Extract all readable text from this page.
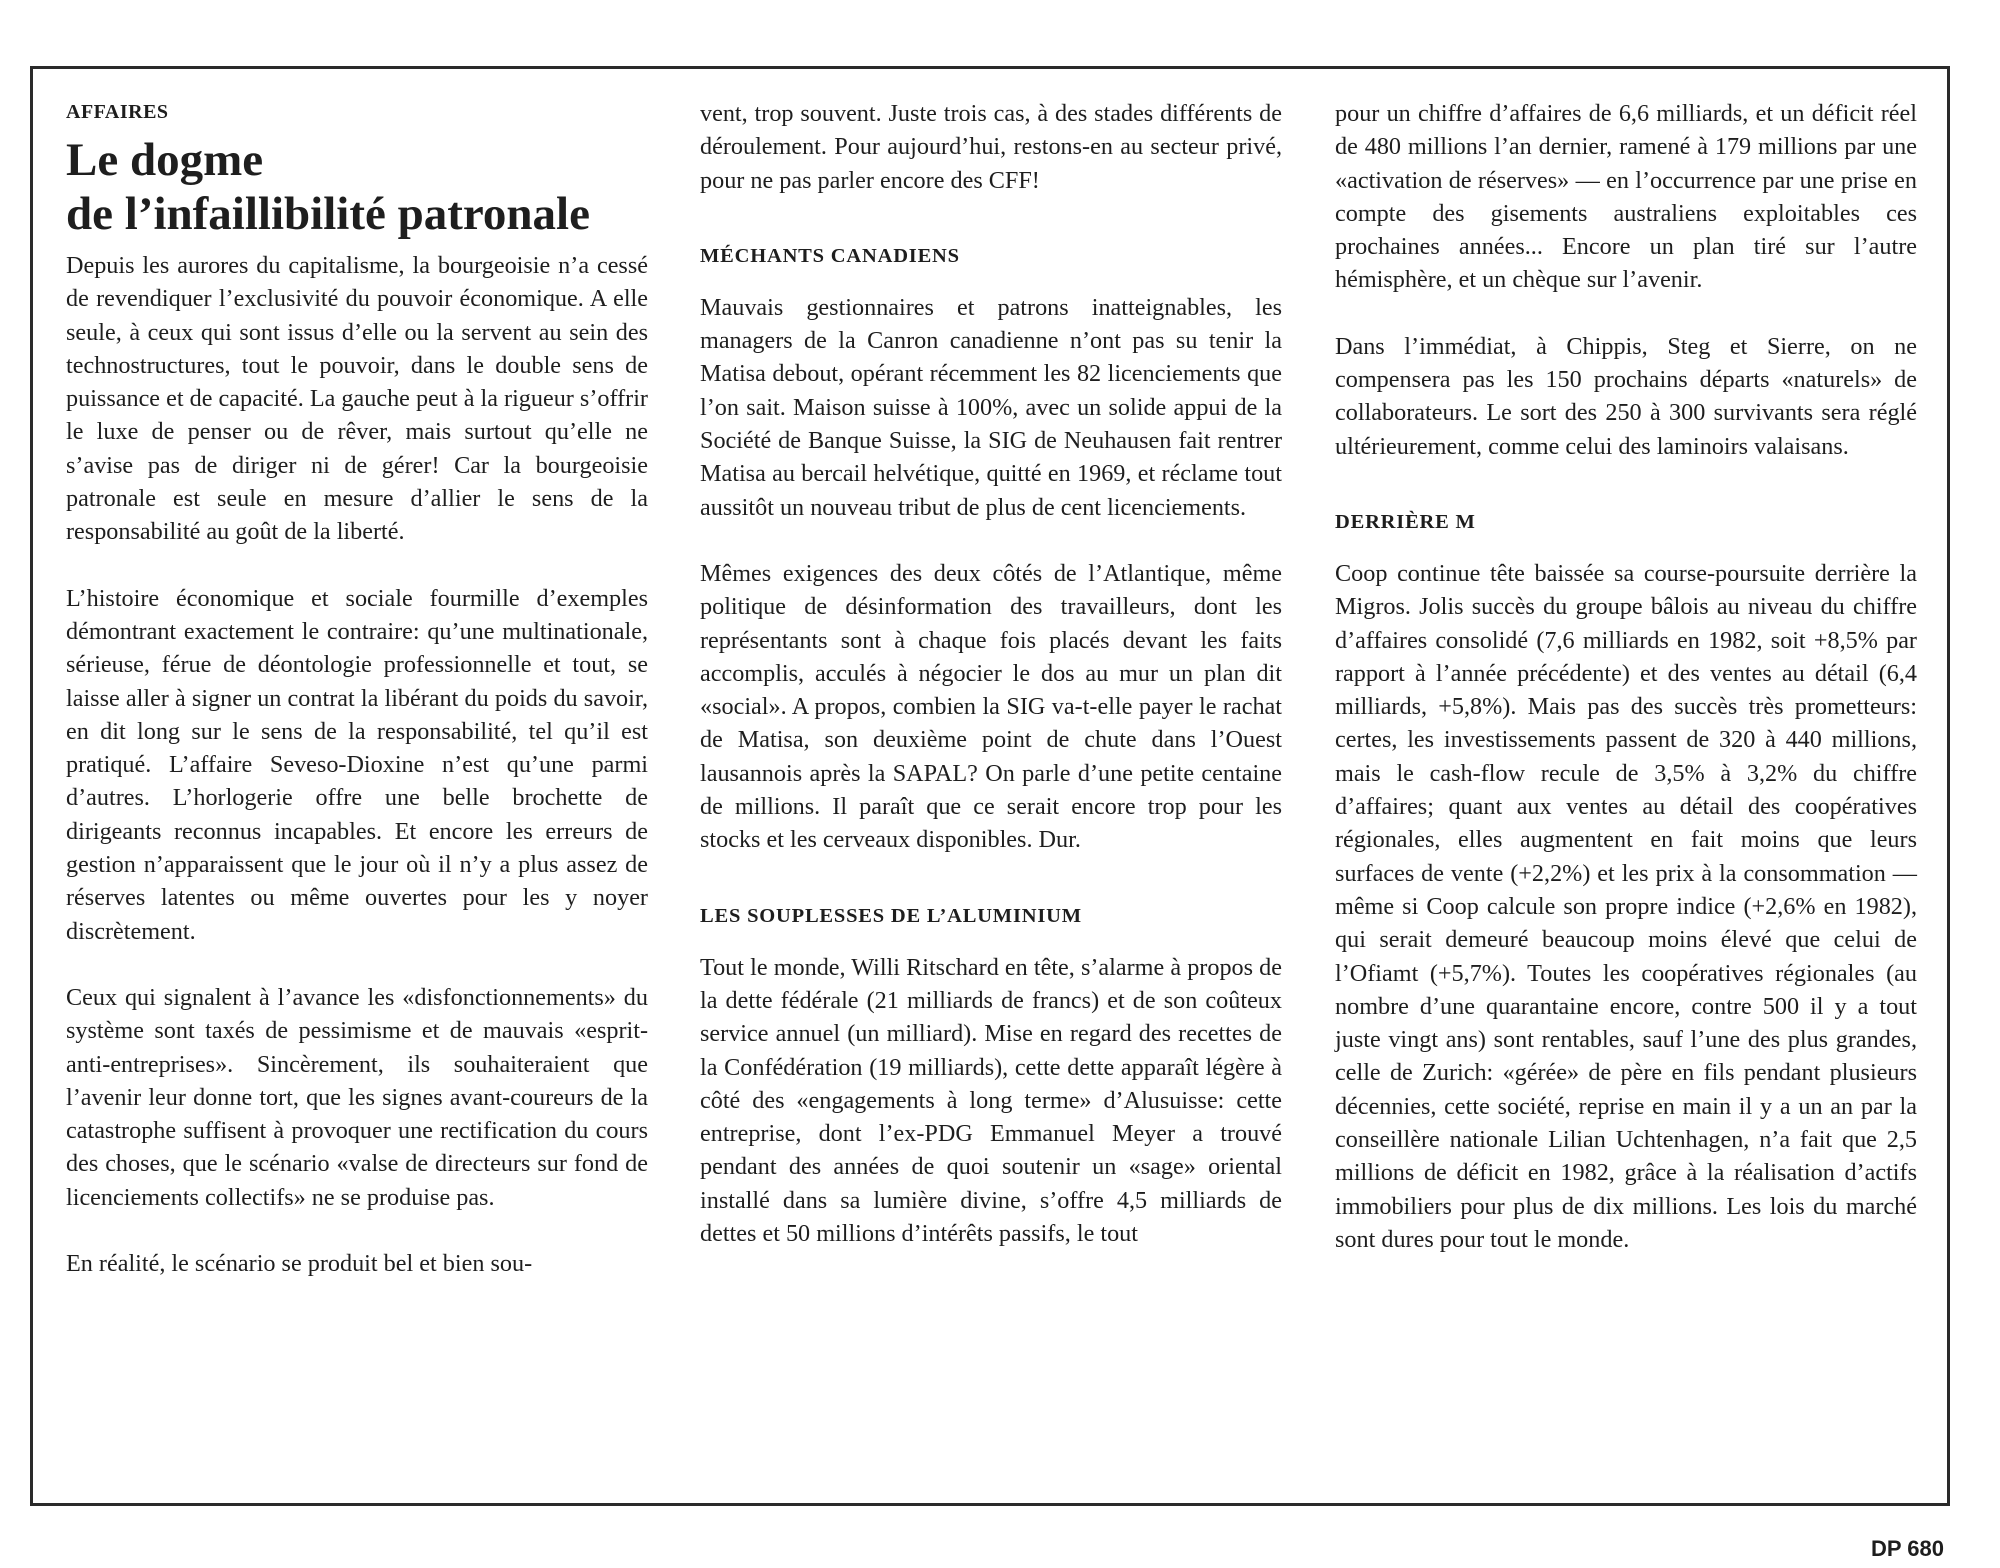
AFFAIRES

Le dogme
de l’infaillibilité patronale

Depuis les aurores du capitalisme, la bourgeoisie n’a cessé de revendiquer l’exclusivité du pouvoir économique. A elle seule, à ceux qui sont issus d’elle ou la servent au sein des technostructures, tout le pouvoir, dans le double sens de puissance et de capacité. La gauche peut à la rigueur s’offrir le luxe de penser ou de rêver, mais surtout qu’elle ne s’avise pas de diriger ni de gérer! Car la bourgeoisie patronale est seule en mesure d’allier le sens de la responsabilité au goût de la liberté.

L’histoire économique et sociale fourmille d’exemples démontrant exactement le contraire: qu’une multinationale, sérieuse, férue de déontologie professionnelle et tout, se laisse aller à signer un contrat la libérant du poids du savoir, en dit long sur le sens de la responsabilité, tel qu’il est pratiqué. L’affaire Seveso-Dioxine n’est qu’une parmi d’autres. L’horlogerie offre une belle brochette de dirigeants reconnus incapables. Et encore les erreurs de gestion n’apparaissent que le jour où il n’y a plus assez de réserves latentes ou même ouvertes pour les y noyer discrètement.

Ceux qui signalent à l’avance les «disfonctionnements» du système sont taxés de pessimisme et de mauvais «esprit-anti-entreprises». Sincèrement, ils souhaiteraient que l’avenir leur donne tort, que les signes avant-coureurs de la catastrophe suffisent à provoquer une rectification du cours des choses, que le scénario «valse de directeurs sur fond de licenciements collectifs» ne se produise pas.

En réalité, le scénario se produit bel et bien sou-

vent, trop souvent. Juste trois cas, à des stades différents de déroulement. Pour aujourd’hui, restons-en au secteur privé, pour ne pas parler encore des CFF!

MÉCHANTS CANADIENS

Mauvais gestionnaires et patrons inatteignables, les managers de la Canron canadienne n’ont pas su tenir la Matisa debout, opérant récemment les 82 licenciements que l’on sait. Maison suisse à 100%, avec un solide appui de la Société de Banque Suisse, la SIG de Neuhausen fait rentrer Matisa au bercail helvétique, quitté en 1969, et réclame tout aussitôt un nouveau tribut de plus de cent licenciements.

Mêmes exigences des deux côtés de l’Atlantique, même politique de désinformation des travailleurs, dont les représentants sont à chaque fois placés devant les faits accomplis, acculés à négocier le dos au mur un plan dit «social». A propos, combien la SIG va-t-elle payer le rachat de Matisa, son deuxième point de chute dans l’Ouest lausannois après la SAPAL? On parle d’une petite centaine de millions. Il paraît que ce serait encore trop pour les stocks et les cerveaux disponibles. Dur.

LES SOUPLESSES DE L’ALUMINIUM

Tout le monde, Willi Ritschard en tête, s’alarme à propos de la dette fédérale (21 milliards de francs) et de son coûteux service annuel (un milliard). Mise en regard des recettes de la Confédération (19 milliards), cette dette apparaît légère à côté des «engagements à long terme» d’Alusuisse: cette entreprise, dont l’ex-PDG Emmanuel Meyer a trouvé pendant des années de quoi soutenir un «sage» oriental installé dans sa lumière divine, s’offre 4,5 milliards de dettes et 50 millions d’intérêts passifs, le tout

pour un chiffre d’affaires de 6,6 milliards, et un déficit réel de 480 millions l’an dernier, ramené à 179 millions par une «activation de réserves» — en l’occurrence par une prise en compte des gisements australiens exploitables ces prochaines années... Encore un plan tiré sur l’autre hémisphère, et un chèque sur l’avenir.

Dans l’immédiat, à Chippis, Steg et Sierre, on ne compensera pas les 150 prochains départs «naturels» de collaborateurs. Le sort des 250 à 300 survivants sera réglé ultérieurement, comme celui des laminoirs valaisans.

DERRIÈRE M

Coop continue tête baissée sa course-poursuite derrière la Migros. Jolis succès du groupe bâlois au niveau du chiffre d’affaires consolidé (7,6 milliards en 1982, soit +8,5% par rapport à l’année précédente) et des ventes au détail (6,4 milliards, +5,8%). Mais pas des succès très prometteurs: certes, les investissements passent de 320 à 440 millions, mais le cash-flow recule de 3,5% à 3,2% du chiffre d’affaires; quant aux ventes au détail des coopératives régionales, elles augmentent en fait moins que leurs surfaces de vente (+2,2%) et les prix à la consommation — même si Coop calcule son propre indice (+2,6% en 1982), qui serait demeuré beaucoup moins élevé que celui de l’Ofiamt (+5,7%). Toutes les coopératives régionales (au nombre d’une quarantaine encore, contre 500 il y a tout juste vingt ans) sont rentables, sauf l’une des plus grandes, celle de Zurich: «gérée» de père en fils pendant plusieurs décennies, cette société, reprise en main il y a un an par la conseillère nationale Lilian Uchtenhagen, n’a fait que 2,5 millions de déficit en 1982, grâce à la réalisation d’actifs immobiliers pour plus de dix millions. Les lois du marché sont dures pour tout le monde.

DP 680
